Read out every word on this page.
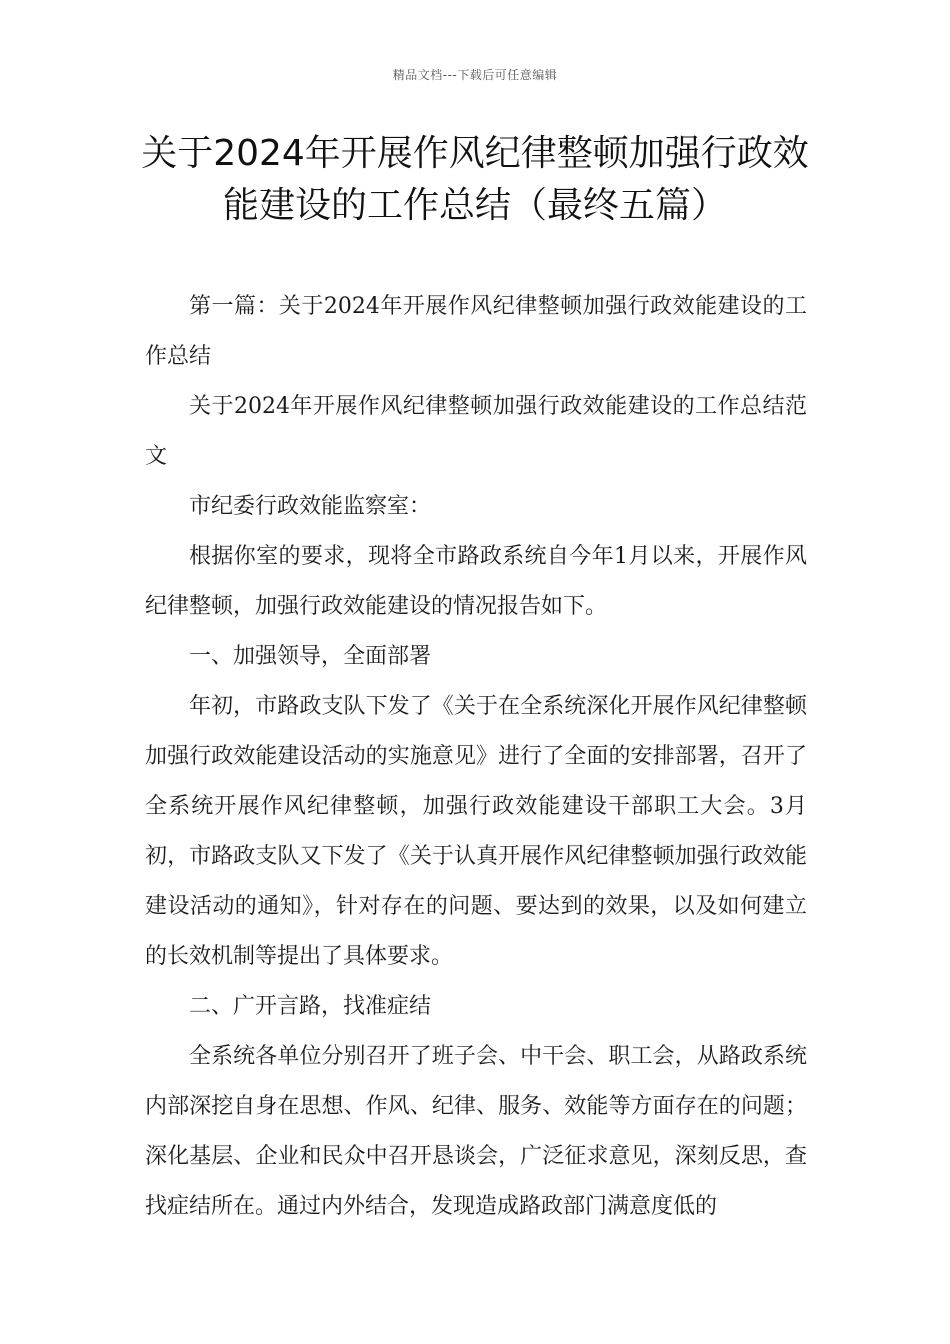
精品文档---下载后可任意编辑
关于2024年开展作风纪律整顿加强行政效能建设的工作总结（最终五篇）

第一篇：关于2024年开展作风纪律整顿加强行政效能建设的工作总结

关于2024年开展作风纪律整顿加强行政效能建设的工作总结范文

市纪委行政效能监察室：

根据你室的要求，现将全市路政系统自今年1月以来，开展作风纪律整顿，加强行政效能建设的情况报告如下。

一、加强领导，全面部署

年初，市路政支队下发了《关于在全系统深化开展作风纪律整顿加强行政效能建设活动的实施意见》进行了全面的安排部署，召开了全系统开展作风纪律整顿，加强行政效能建设干部职工大会。3月初，市路政支队又下发了《关于认真开展作风纪律整顿加强行政效能建设活动的通知》，针对存在的问题、要达到的效果，以及如何建立的长效机制等提出了具体要求。

二、广开言路，找准症结

全系统各单位分别召开了班子会、中干会、职工会，从路政系统内部深挖自身在思想、作风、纪律、服务、效能等方面存在的问题；深化基层、企业和民众中召开恳谈会，广泛征求意见，深刻反思，查找症结所在。通过内外结合，发现造成路政部门满意度低的
